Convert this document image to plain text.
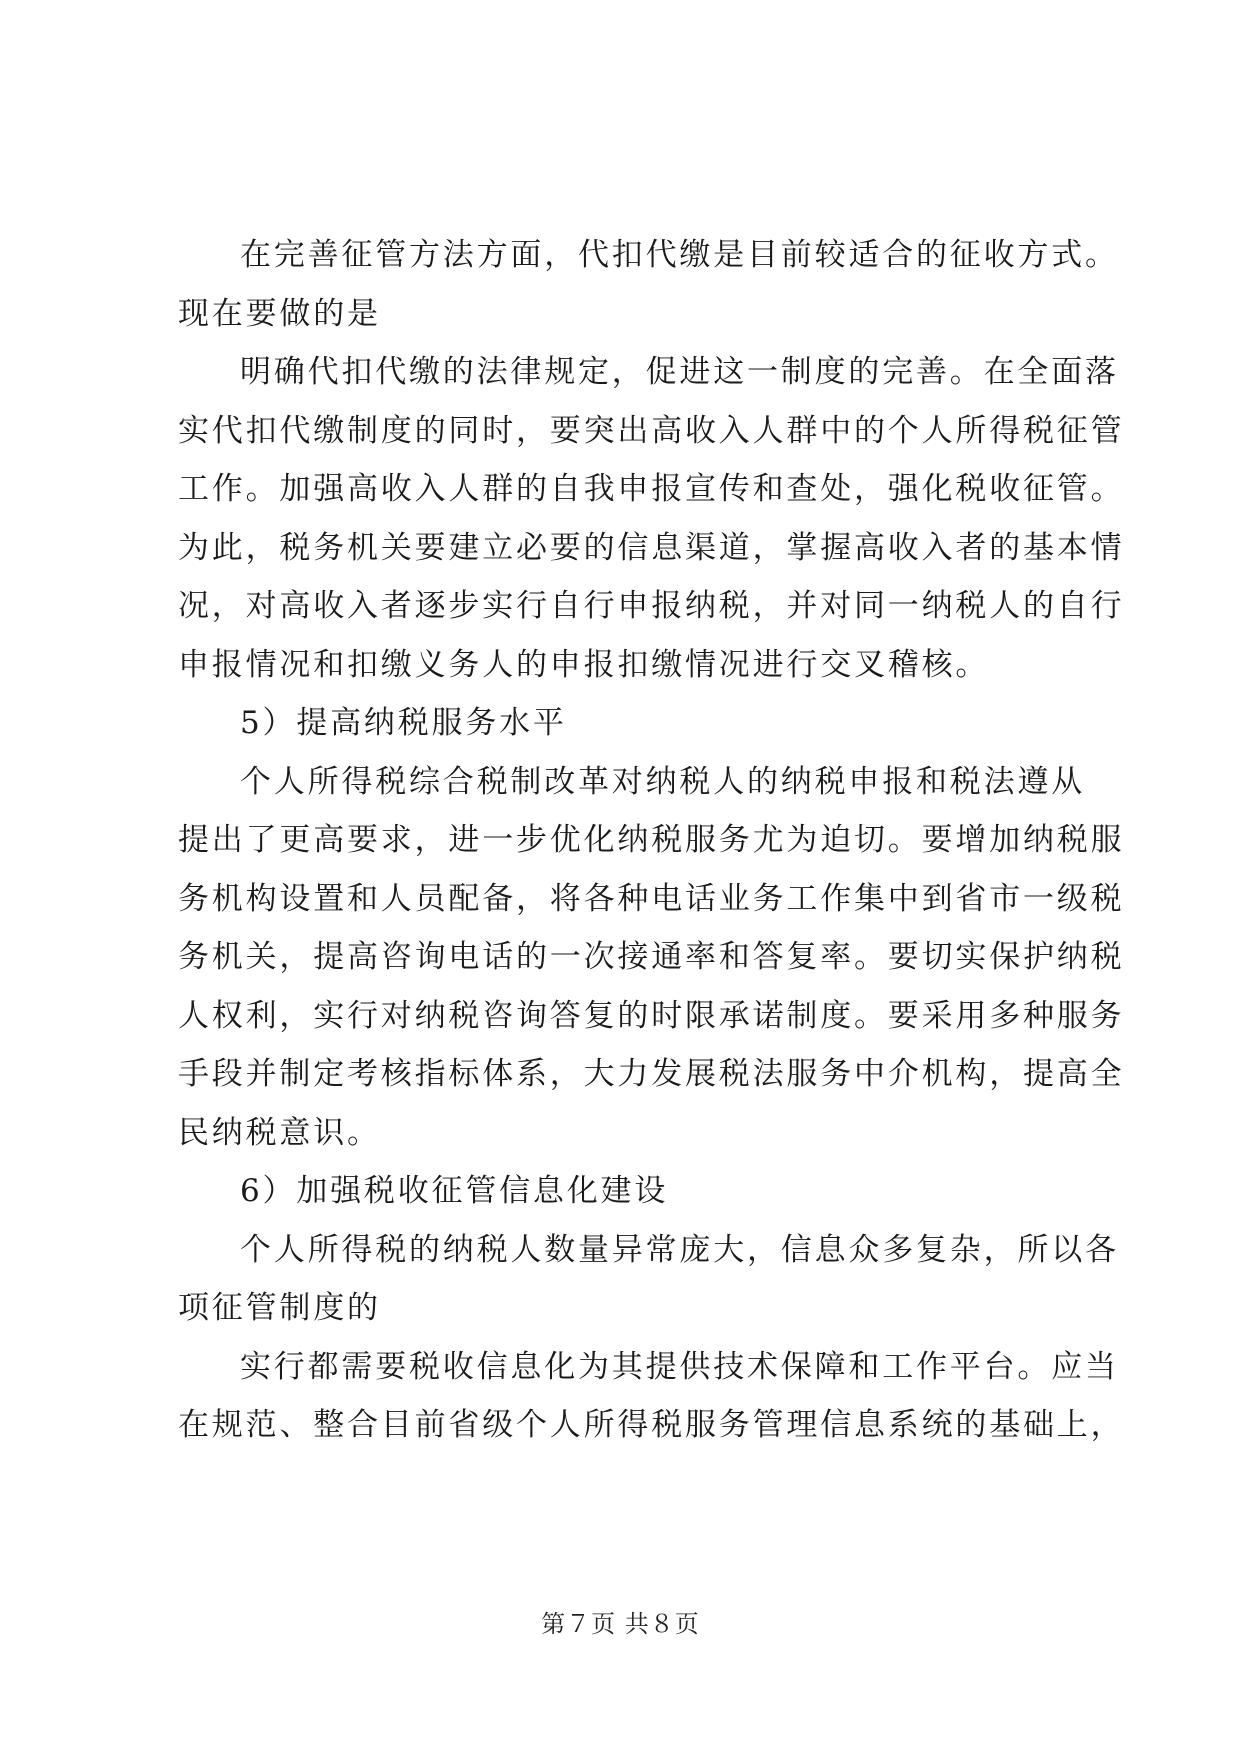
在完善征管方法方面，代扣代缴是目前较适合的征收方式。
现在要做的是
明确代扣代缴的法律规定，促进这一制度的完善。在全面落
实代扣代缴制度的同时，要突出高收入人群中的个人所得税征管
工作。加强高收入人群的自我申报宣传和查处，强化税收征管。
为此，税务机关要建立必要的信息渠道，掌握高收入者的基本情
况，对高收入者逐步实行自行申报纳税，并对同一纳税人的自行
申报情况和扣缴义务人的申报扣缴情况进行交叉稽核。
5）提高纳税服务水平
个人所得税综合税制改革对纳税人的纳税申报和税法遵从
提出了更高要求，进一步优化纳税服务尤为迫切。要增加纳税服
务机构设置和人员配备，将各种电话业务工作集中到省市一级税
务机关，提高咨询电话的一次接通率和答复率。要切实保护纳税
人权利，实行对纳税咨询答复的时限承诺制度。要采用多种服务
手段并制定考核指标体系，大力发展税法服务中介机构，提高全
民纳税意识。
6）加强税收征管信息化建设
个人所得税的纳税人数量异常庞大，信息众多复杂，所以各
项征管制度的
实行都需要税收信息化为其提供技术保障和工作平台。应当
在规范、整合目前省级个人所得税服务管理信息系统的基础上，
第７页 共８页
